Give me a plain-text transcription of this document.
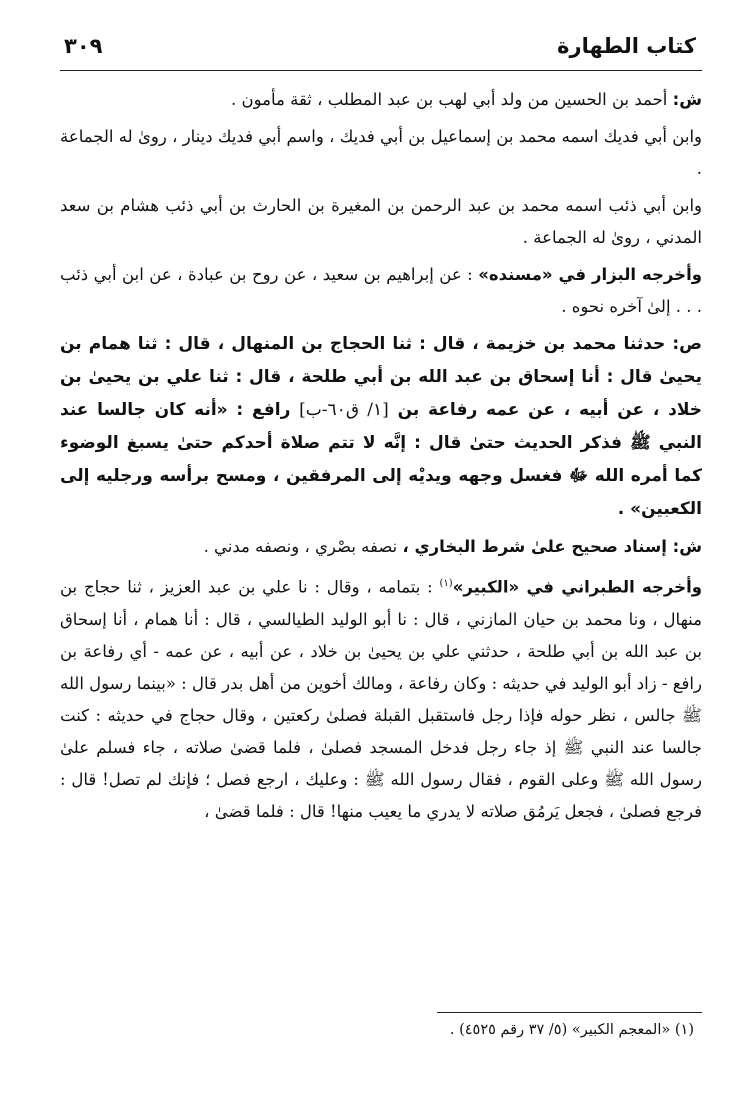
كتاب الطهارة
٣٠٩

ش: أحمد بن الحسين من ولد أبي لهب بن عبد المطلب ، ثقة مأمون .

وابن أبي فديك اسمه محمد بن إسماعيل بن أبي فديك ، واسم أبي فديك دينار ، روىٰ له الجماعة .

وابن أبي ذئب اسمه محمد بن عبد الرحمن بن المغيرة بن الحارث بن أبي ذئب هشام بن سعد المدني ، روىٰ له الجماعة .

وأخرجه البزار في «مسنده» : عن إبراهيم بن سعيد ، عن روح بن عبادة ، عن ابن أبي ذئب . . . إلىٰ آخره نحوه .

ص: حدثنا محمد بن خزيمة ، قال : ثنا الحجاج بن المنهال ، قال : ثنا همام بن يحيىٰ قال : أنا إسحاق بن عبد الله بن أبي طلحة ، قال : ثنا علي بن يحيىٰ بن خلاد ، عن أبيه ، عن عمه رفاعة بن [١/ ق٦٠-ب] رافع : «أنه كان جالسا عند النبي ﷺ فذكر الحديث حتىٰ قال : إنَّه لا تتم صلاة أحدكم حتىٰ يسبغ الوضوء كما أمره الله ﷻ فغسل وجهه ويديْه إلى المرفقين ، ومسح برأسه ورجليه إلى الكعبين» .

ش: إسناد صحيح علىٰ شرط البخاري ، نصفه بصْري ، ونصفه مدني .

وأخرجه الطبراني في «الكبير»$^{(١)}$ : بتمامه ، وقال : نا علي بن عبد العزيز ، ثنا حجاج بن منهال ، ونا محمد بن حيان المازني ، قال : نا أبو الوليد الطيالسي ، قال : أنا همام ، أنا إسحاق بن عبد الله بن أبي طلحة ، حدثني علي بن يحيىٰ بن خلاد ، عن أبيه ، عن عمه - أي رفاعة بن رافع - زاد أبو الوليد في حديثه : وكان رفاعة ، ومالك أخوين من أهل بدر قال : «بينما رسول الله ﷺ جالس ، نظر حوله فإذا رجل فاستقبل القبلة فصلىٰ ركعتين ، وقال حجاج في حديثه : كنت جالسا عند النبي ﷺ إذ جاء رجل فدخل المسجد فصلىٰ ، فلما قضىٰ صلاته ، جاء فسلم علىٰ رسول الله ﷺ وعلى القوم ، فقال رسول الله ﷺ : وعليك ، ارجع فصل ؛ فإنك لم تصل! قال : فرجع فصلىٰ ، فجعل يَرمُق صلاته لا يدري ما يعيب منها! قال : فلما قضىٰ ،

(١) «المعجم الكبير» (٥/ ٣٧ رقم ٤٥٢٥) .
